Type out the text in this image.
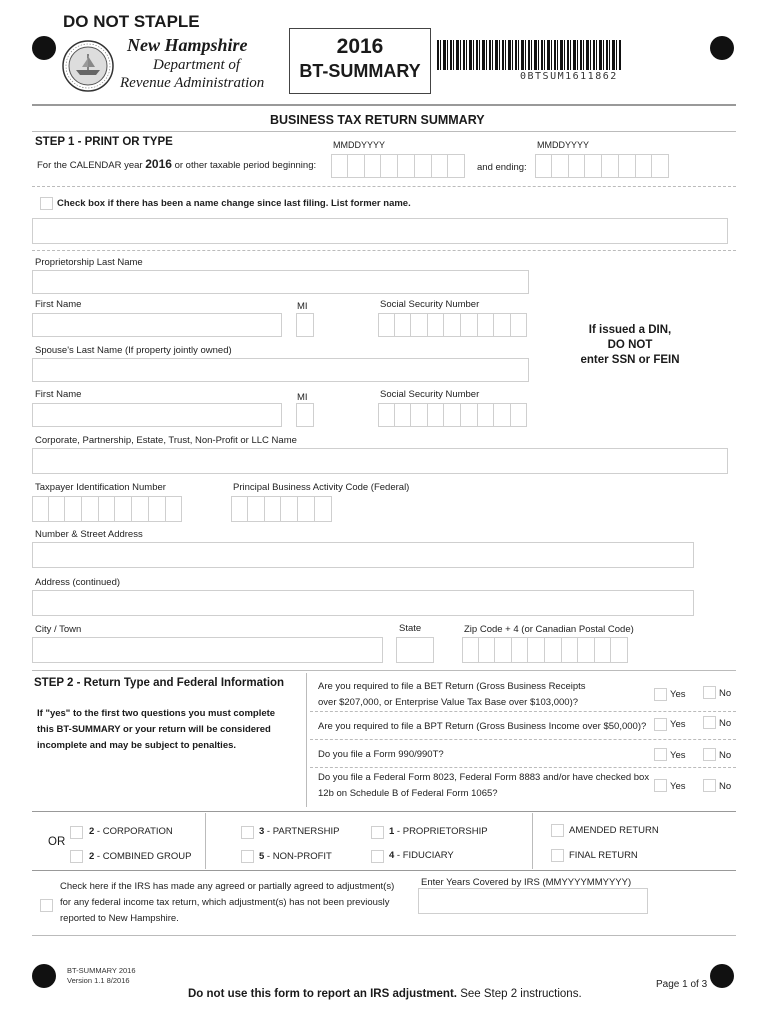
DO NOT STAPLE
New Hampshire
Department of
Revenue Administration
2016
BT-SUMMARY	0BTSUM1611862
BUSINESS TAX RETURN SUMMARY
STEP 1 - PRINT OR TYPE	MMDDYYYY	MMDDYYYY
For the CALENDAR year 2016 or other taxable period beginning:	and ending:
Check box if there has been a name change since last filing. List former name.
Proprietorship Last Name
First Name	MI	Social Security Number
If issued a DIN,
DO NOT
enter SSN or FEIN
Spouse's Last Name (If property jointly owned)
First Name	MI	Social Security Number
Corporate, Partnership, Estate, Trust, Non-Profit or LLC Name
Taxpayer Identification Number	Principal Business Activity Code (Federal)
Number & Street Address
Address (continued)
City / Town	State	Zip Code + 4 (or Canadian Postal Code)
STEP 2 - Return Type and Federal Information
If "yes" to the first two questions you must complete
this BT-SUMMARY or your return will be considered
incomplete and may be subject to penalties.
Are you required to file a BET Return (Gross Business Receipts
over $207,000, or Enterprise Value Tax Base over $103,000)?
Yes	No
Are you required to file a BPT Return (Gross Business Income over $50,000)? Yes	No
Do you file a Form 990/990T?	Yes	No
Do you file a Federal Form 8023, Federal Form 8883 and/or have checked box
12b on Schedule B of Federal Form 1065?
Yes	No
OR
2 - CORPORATION
2 - COMBINED GROUP
3 - PARTNERSHIP
5 - NON-PROFIT
1 - PROPRIETORSHIP
4 - FIDUCIARY
AMENDED RETURN
FINAL RETURN
Check here if the IRS has made any agreed or partially agreed to adjustment(s)
for any federal income tax return, which adjustment(s) has not been previously
reported to New Hampshire.
Enter Years Covered by IRS (MMYYYYMMYYYY)
BT-SUMMARY 2016
Version 1.1 8/2016
Do not use this form to report an IRS adjustment. See Step 2 instructions.
Page 1 of 3
